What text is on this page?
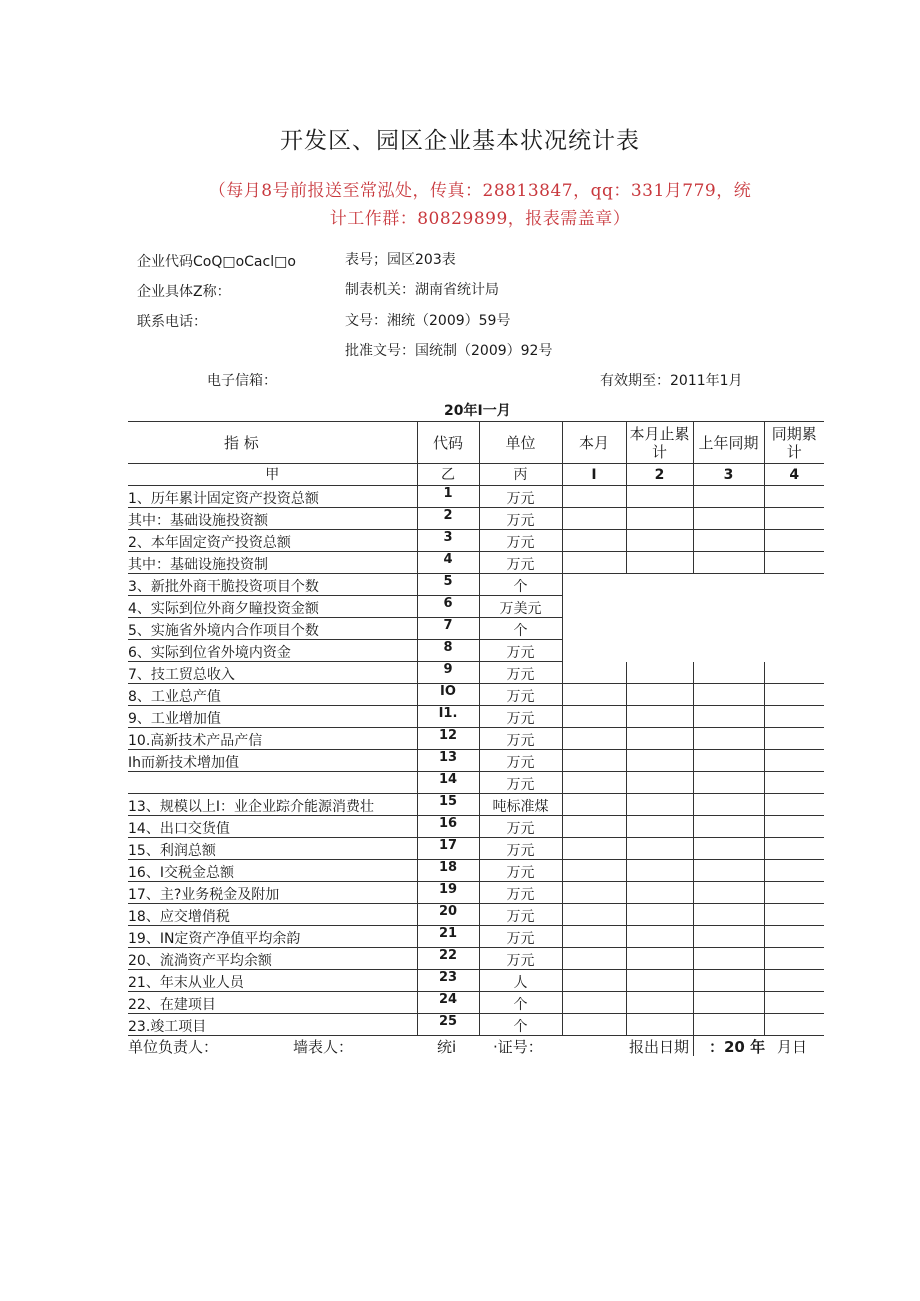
开发区、园区企业基本状况统计表
（每月8号前报送至常泓处，传真：28813847，qq：331月779，统
计工作群：80829899，报表需盖章）
企业代码CoQ□oCacl□o
企业具体Z称：
联系电话：
表号；园区203表
制表机关：湖南省统计局
文号：湘统（2009）59号
批准文号：国统制（2009）92号
电子信箱：	有效期至：2011年1月
20年I一月
指 标	代码	单位	本月	本月止累计	上年同期	同期累计
甲	乙	丙	I	2	3	4
1、历年累计固定资产投资总额	1	万元				
其中：基础设施投资额	2	万元				
2、本年固定资产投资总额	3	万元				
其中：基础设施投资制	4	万元				
3、新批外商干脆投资项目个数	5	个				
4、实际到位外商夕瞳投资金额	6	万美元				
5、实施省外境内合作项目个数	7	个				
6、实际到位省外境内资金	8	万元				
7、技工贸总收入	9	万元				
8、工业总产值	IO	万元				
9、工业增加值	I1.	万元				
10.高新技术产品产信	12	万元				
Ih而新技术增加值	13	万元				
	14	万元				
13、规模以上I：业企业踪介能源消费壮	15	吨标准煤				
14、出口交货值	16	万元				
15、利润总额	17	万元				
16、I交税金总额	18	万元				
17、主?业务税金及附加	19	万元				
18、应交增俏税	20	万元				
19、IN定资产净值平均余韵	21	万元				
20、流淌资产平均余额	22	万元				
21、年末从业人员	23	人				
22、在建项目	24	个				
23.竣工项目	25	个				
单位负责人：	墙表人：	统i ·证号：	报出日期 ：20 年 月日
